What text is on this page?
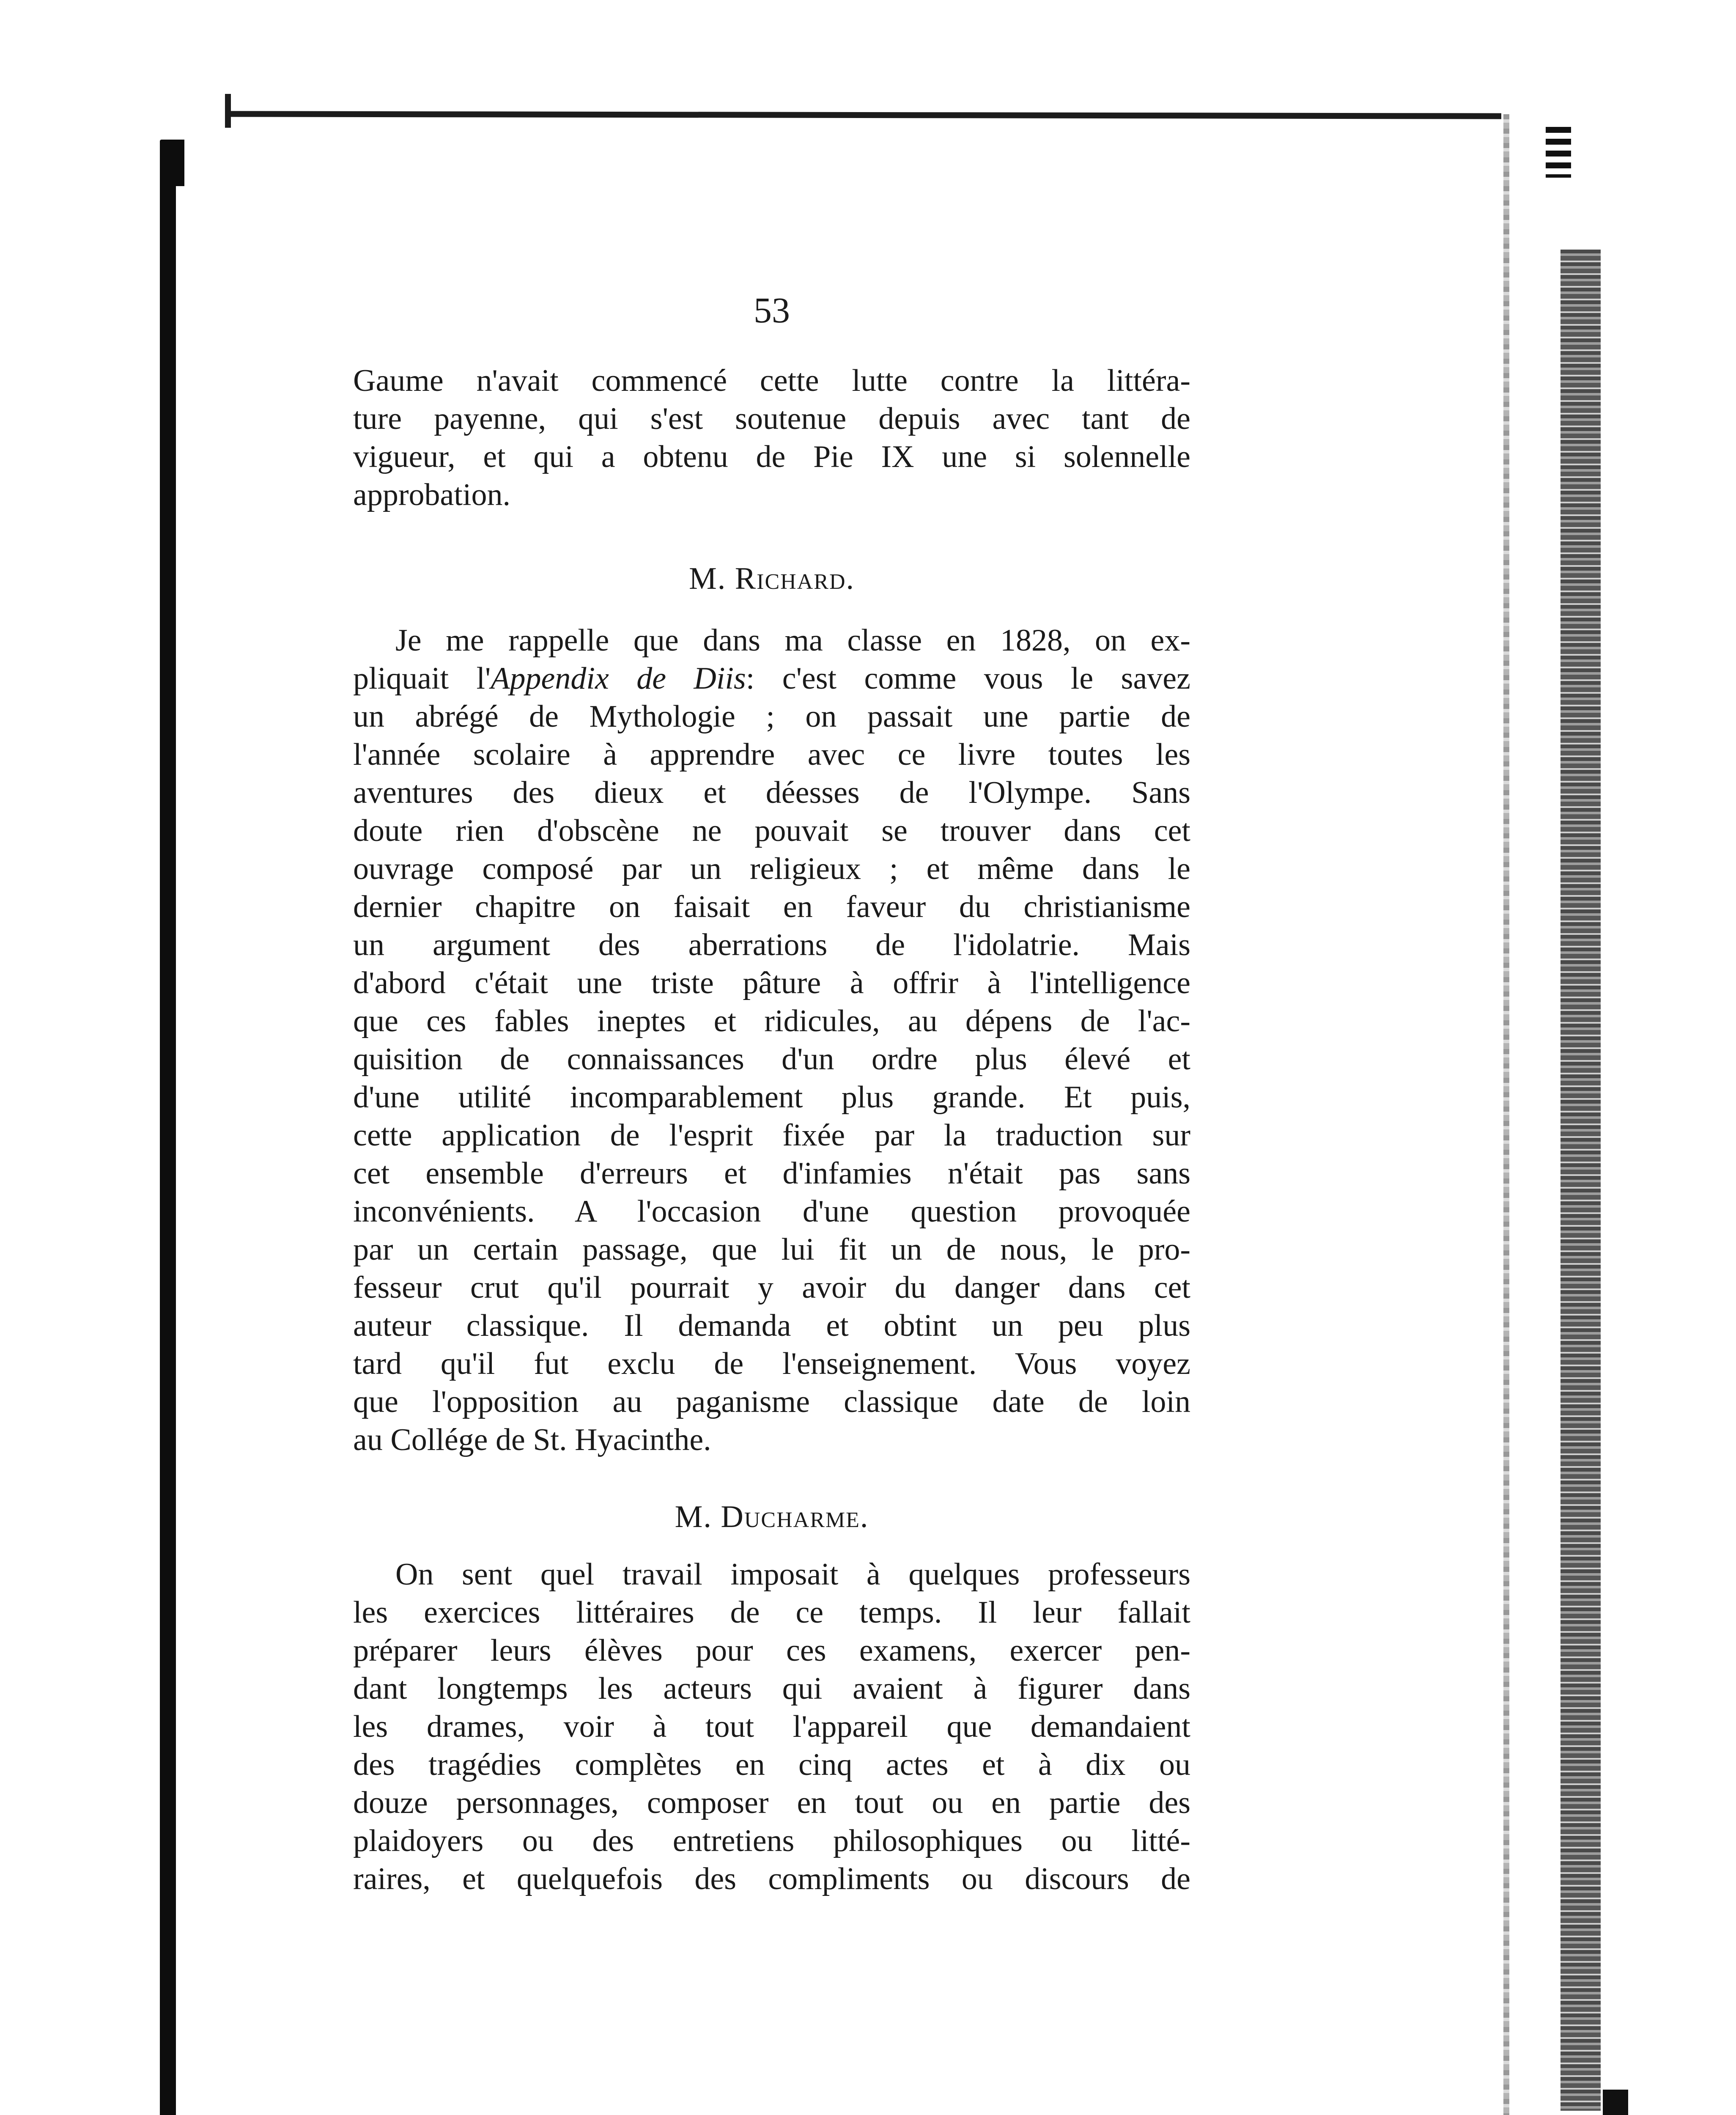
53

Gaume n'avait commencé cette lutte contre la littéra-
ture payenne, qui s'est soutenue depuis avec tant de
vigueur, et qui a obtenu de Pie IX une si solennelle
approbation.

M. Richard.

Je me rappelle que dans ma classe en 1828, on ex-
pliquait l'Appendix de Diis: c'est comme vous le savez
un abrégé de Mythologie ; on passait une partie de
l'année scolaire à apprendre avec ce livre toutes les
aventures des dieux et déesses de l'Olympe. Sans
doute rien d'obscène ne pouvait se trouver dans cet
ouvrage composé par un religieux ; et même dans le
dernier chapitre on faisait en faveur du christianisme
un argument des aberrations de l'idolatrie. Mais
d'abord c'était une triste pâture à offrir à l'intelligence
que ces fables ineptes et ridicules, au dépens de l'ac-
quisition de connaissances d'un ordre plus élevé et
d'une utilité incomparablement plus grande. Et puis,
cette application de l'esprit fixée par la traduction sur
cet ensemble d'erreurs et d'infamies n'était pas sans
inconvénients. A l'occasion d'une question provoquée
par un certain passage, que lui fit un de nous, le pro-
fesseur crut qu'il pourrait y avoir du danger dans cet
auteur classique. Il demanda et obtint un peu plus
tard qu'il fut exclu de l'enseignement. Vous voyez
que l'opposition au paganisme classique date de loin
au Collége de St. Hyacinthe.

M. Ducharme.

On sent quel travail imposait à quelques professeurs
les exercices littéraires de ce temps. Il leur fallait
préparer leurs élèves pour ces examens, exercer pen-
dant longtemps les acteurs qui avaient à figurer dans
les drames, voir à tout l'appareil que demandaient
des tragédies complètes en cinq actes et à dix ou
douze personnages, composer en tout ou en partie des
plaidoyers ou des entretiens philosophiques ou litté-
raires, et quelquefois des compliments ou discours de
